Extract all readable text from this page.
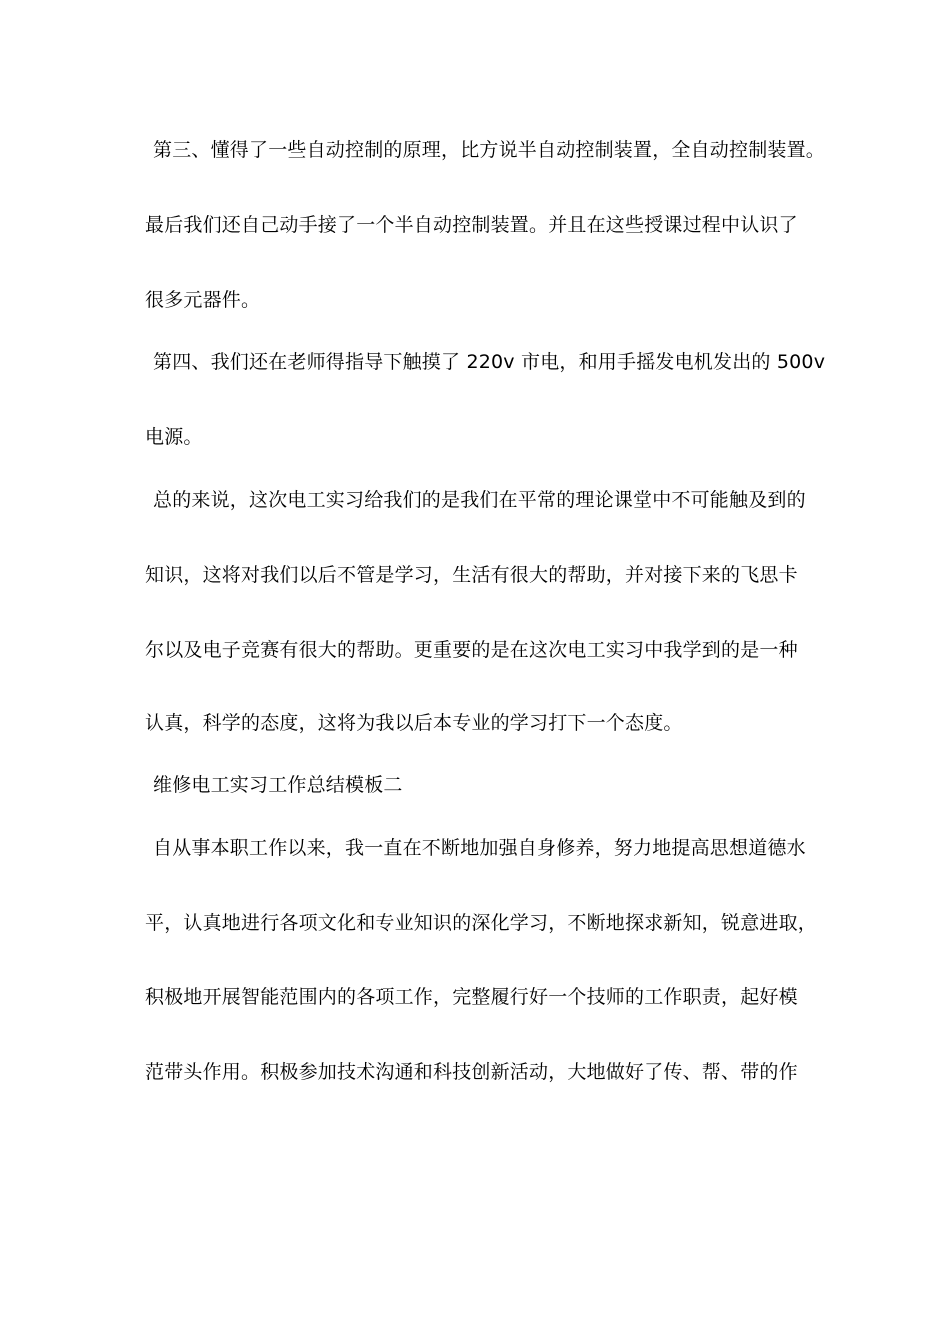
第三、懂得了一些自动控制的原理，比方说半自动控制装置，全自动控制装置。
最后我们还自己动手接了一个半自动控制装置。并且在这些授课过程中认识了
很多元器件。
第四、我们还在老师得指导下触摸了 220v 市电，和用手摇发电机发出的 500v
电源。
总的来说，这次电工实习给我们的是我们在平常的理论课堂中不可能触及到的
知识，这将对我们以后不管是学习，生活有很大的帮助，并对接下来的飞思卡
尔以及电子竞赛有很大的帮助。更重要的是在这次电工实习中我学到的是一种
认真，科学的态度，这将为我以后本专业的学习打下一个态度。
维修电工实习工作总结模板二
自从事本职工作以来，我一直在不断地加强自身修养，努力地提高思想道德水
平，认真地进行各项文化和专业知识的深化学习，不断地探求新知，锐意进取，
积极地开展智能范围内的各项工作，完整履行好一个技师的工作职责，起好模
范带头作用。积极参加技术沟通和科技创新活动，大地做好了传、帮、带的作
